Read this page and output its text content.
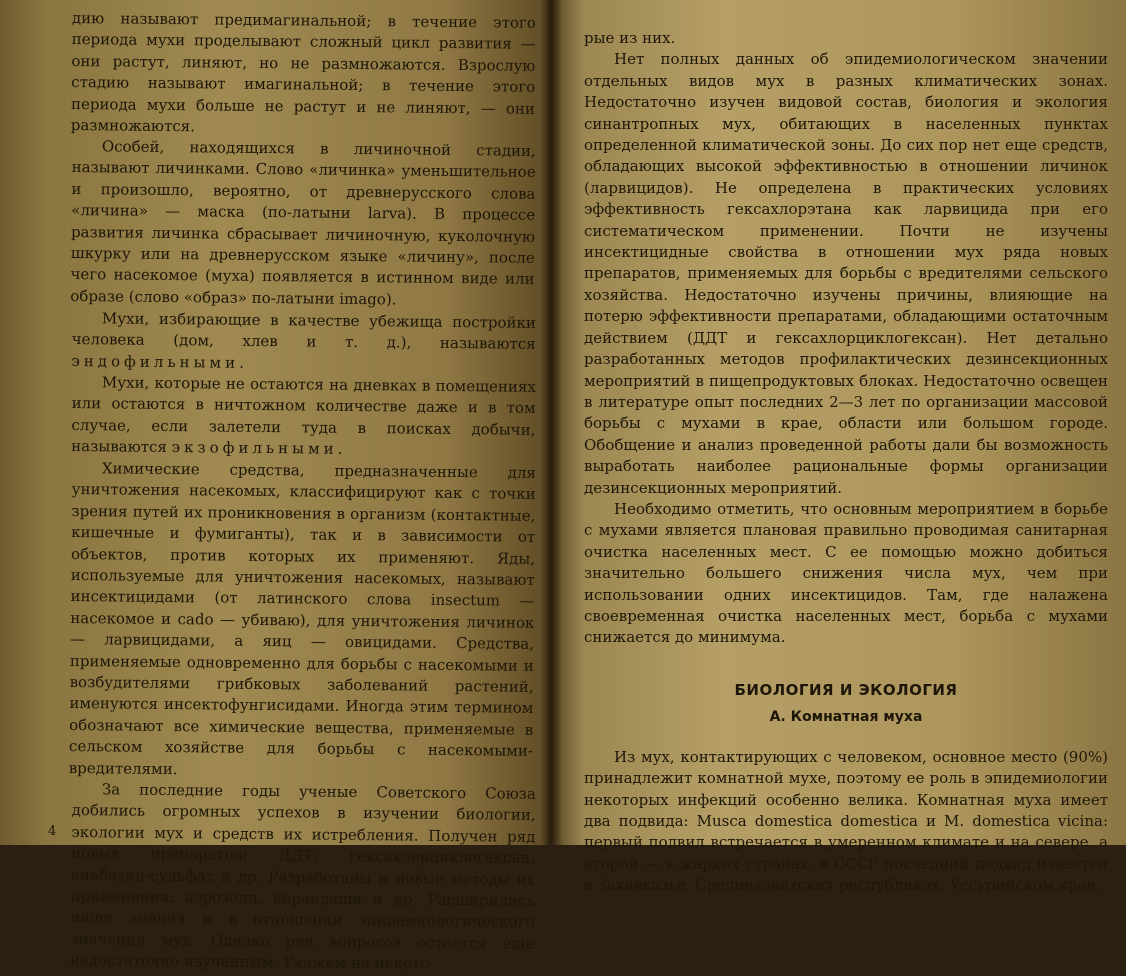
дию называют предимагинальной; в течение этого периода мухи проделывают сложный цикл развития — они растут, линяют, но не размножаются. Взрослую стадию называют имагинальной; в течение этого периода мухи больше не растут и не линяют, — они размножаются.

Особей, находящихся в личиночной стадии, называют личинками. Слово «личинка» уменьшительное и произошло, вероятно, от древнерусского слова «личина» — маска (по-латыни larva). В процессе развития личинка сбрасывает личиночную, куколочную шкурку или на древнерусском языке «личину», после чего насекомое (муха) появляется в истинном виде или образе (слово «образ» по-латыни imago).

Мухи, избирающие в качестве убежища постройки человека (дом, хлев и т. д.), называются эндофильными.

Мухи, которые не остаются на дневках в помещениях или остаются в ничтожном количестве даже и в том случае, если залетели туда в поисках добычи, называются экзофильными.

Химические средства, предназначенные для уничтожения насекомых, классифицируют как с точки зрения путей их проникновения в организм (контактные, кишечные и фумиганты), так и в зависимости от объектов, против которых их применяют. Яды, используемые для уничтожения насекомых, называют инсектицидами (от латинского слова insectum — насекомое и cado — убиваю), для уничтожения личинок — ларвицидами, а яиц — овицидами. Средства, применяемые одновременно для борьбы с насекомыми и возбудителями грибковых заболеваний растений, именуются инсектофунгисидами. Иногда этим термином обозначают все химические вещества, применяемые в сельском хозяйстве для борьбы с насекомыми-вредителями.

За последние годы ученые Советского Союза добились огромных успехов в изучении биологии, экологии мух и средств их истребления. Получен ряд новых препаратов: ДДТ, гексахлорциклогексан, анабазин-сульфат и др. Разработаны и новые методы их применения: аэрозоли, карандаши и др. Расширились наши знания и в отношении эпидемиологического значения мух. Однако ряд вопросов остается еще недостаточно изученным. Укажем на некото-

4

рые из них.

Нет полных данных об эпидемиологическом значении отдельных видов мух в разных климатических зонах. Недостаточно изучен видовой состав, биология и экология синантропных мух, обитающих в населенных пунктах определенной климатической зоны. До сих пор нет еще средств, обладающих высокой эффективностью в отношении личинок (ларвицидов). Не определена в практических условиях эффективность гексахлорэтана как ларвицида при его систематическом применении. Почти не изучены инсектицидные свойства в отношении мух ряда новых препаратов, применяемых для борьбы с вредителями сельского хозяйства. Недостаточно изучены причины, влияющие на потерю эффективности препаратами, обладающими остаточным действием (ДДТ и гексахлорциклогексан). Нет детально разработанных методов профилактических дезинсекционных мероприятий в пищепродуктовых блоках. Недостаточно освещен в литературе опыт последних 2—3 лет по организации массовой борьбы с мухами в крае, области или большом городе. Обобщение и анализ проведенной работы дали бы возможность выработать наиболее рациональные формы организации дезинсекционных мероприятий.

Необходимо отметить, что основным мероприятием в борьбе с мухами является плановая правильно проводимая санитарная очистка населенных мест. С ее помощью можно добиться значительно большего снижения числа мух, чем при использовании одних инсектицидов. Там, где налажена своевременная очистка населенных мест, борьба с мухами снижается до минимума.

БИОЛОГИЯ И ЭКОЛОГИЯ
А. Комнатная муха

Из мух, контактирующих с человеком, основное место (90%) принадлежит комнатной мухе, поэтому ее роль в эпидемиологии некоторых инфекций особенно велика. Комнатная муха имеет два подвида: Musca domestica domestica и M. domestica vicina: первый подвид встречается в умеренном климате и на севере, а второй — в жарких странах; в СССР последний подвид известен в Закавказье, Среднеазиатских республиках, Уссурийском крае.
